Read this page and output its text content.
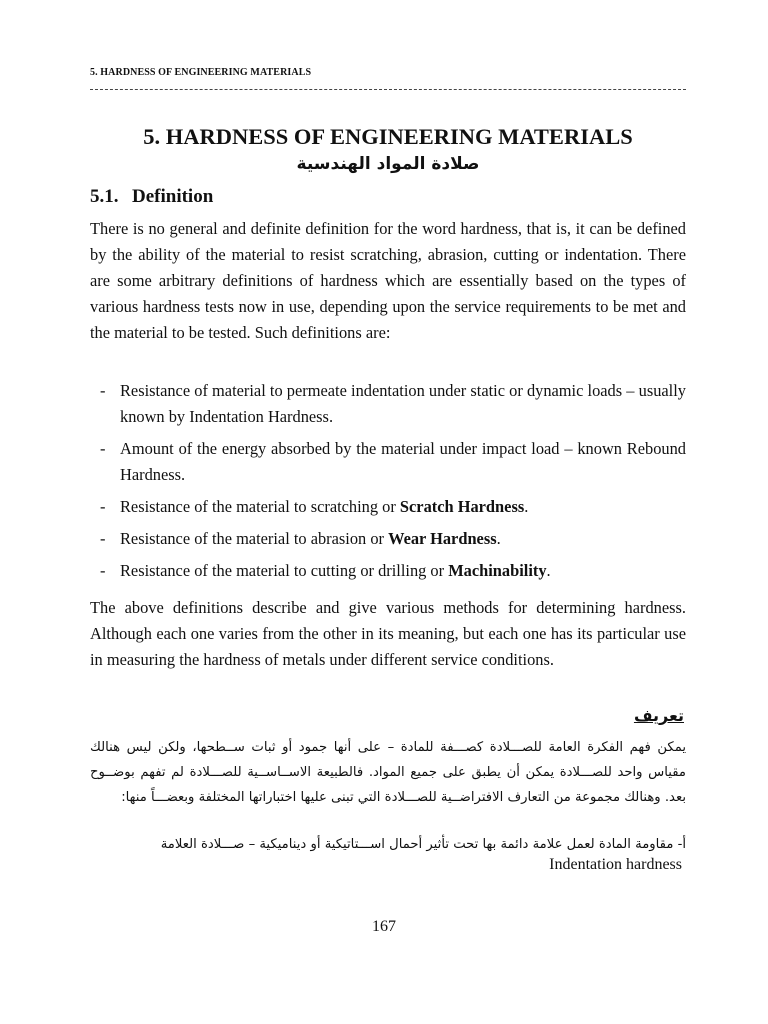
5. HARDNESS OF ENGINEERING MATERIALS
5. HARDNESS OF ENGINEERING MATERIALS
صلادة المواد الهندسية
5.1. Definition
There is no general and definite definition for the word hardness, that is, it can be defined by the ability of the material to resist scratching, abrasion, cutting or indentation. There are some arbitrary definitions of hardness which are essentially based on the types of various hardness tests now in use, depending upon the service requirements to be met and the material to be tested. Such definitions are:
- Resistance of material to permeate indentation under static or dynamic loads – usually known by Indentation Hardness.
- Amount of the energy absorbed by the material under impact load – known Rebound Hardness.
- Resistance of the material to scratching or Scratch Hardness.
- Resistance of the material to abrasion or Wear Hardness.
- Resistance of the material to cutting or drilling or Machinability.
The above definitions describe and give various methods for determining hardness. Although each one varies from the other in its meaning, but each one has its particular use in measuring the hardness of metals under different service conditions.
تعريف
يمكن فهم الفكرة العامة للصـــلادة كصـــفة للمادة – على أنها جمود أو ثبات ســطحها، ولكن ليس هنالك مقياس واحد للصـــلادة يمكن أن يطبق على جميع المواد. فالطبيعة الاســاســية للصـــلادة لم تفهم بوضــوح بعد. وهنالك مجموعة من التعارف الافتراضــية للصـــلادة التي تبنى عليها اختباراتها المختلفة وبعضـــاً منها:
أ- مقاومة المادة لعمل علامة دائمة بها تحت تأثير أحمال اســـتاتيكية أو ديناميكية – صـــلادة العلامة
Indentation hardness
167
